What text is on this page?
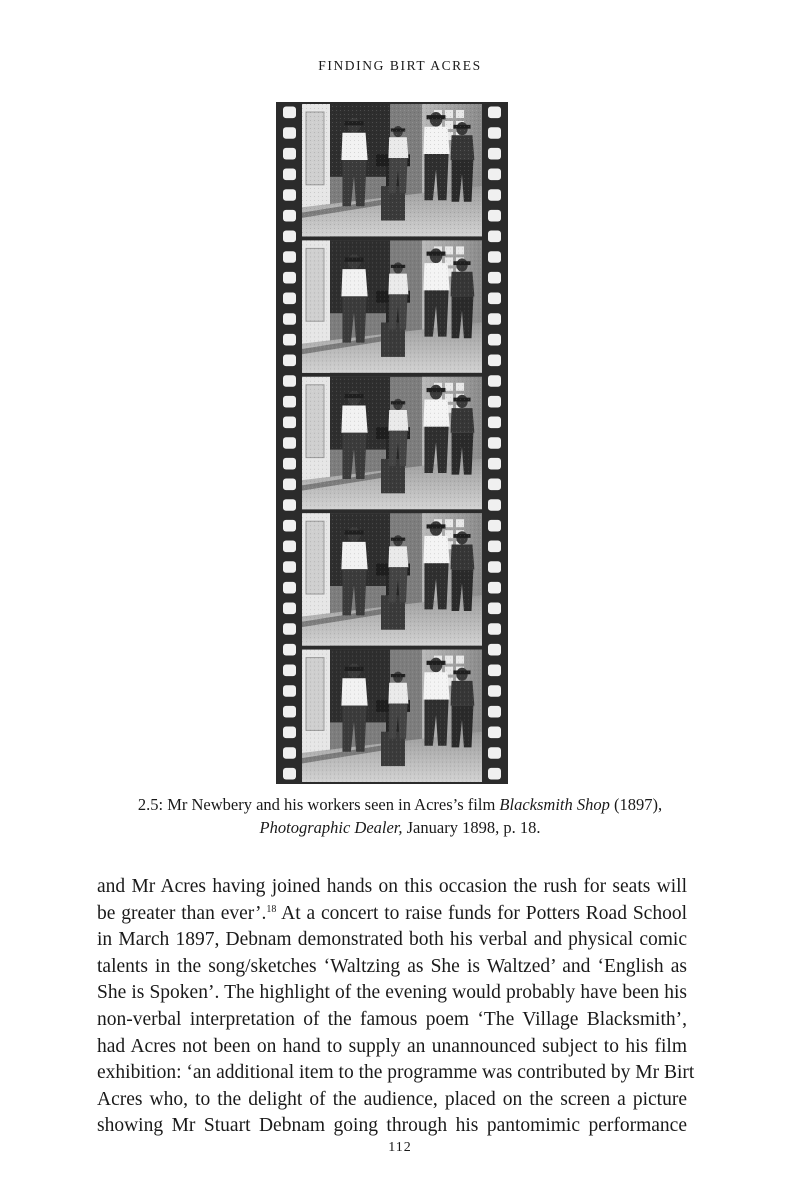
FINDING BIRT ACRES
2.5: Mr Newbery and his workers seen in Acres’s film Blacksmith Shop (1897), Photographic Dealer, January 1898, p. 18.
and Mr Acres having joined hands on this occasion the rush for seats will
be greater than ever’.$^{18}$ At a concert to raise funds for Potters Road School
in March 1897, Debnam demonstrated both his verbal and physical comic
talents in the song/sketches ‘Waltzing as She is Waltzed’ and ‘English as
She is Spoken’. The highlight of the evening would probably have been his
non-verbal interpretation of the famous poem ‘The Village Blacksmith’,
had Acres not been on hand to supply an unannounced subject to his film
exhibition: ‘an additional item to the programme was contributed by Mr Birt
Acres who, to the delight of the audience, placed on the screen a picture
showing Mr Stuart Debnam going through his pantomimic performance
112
